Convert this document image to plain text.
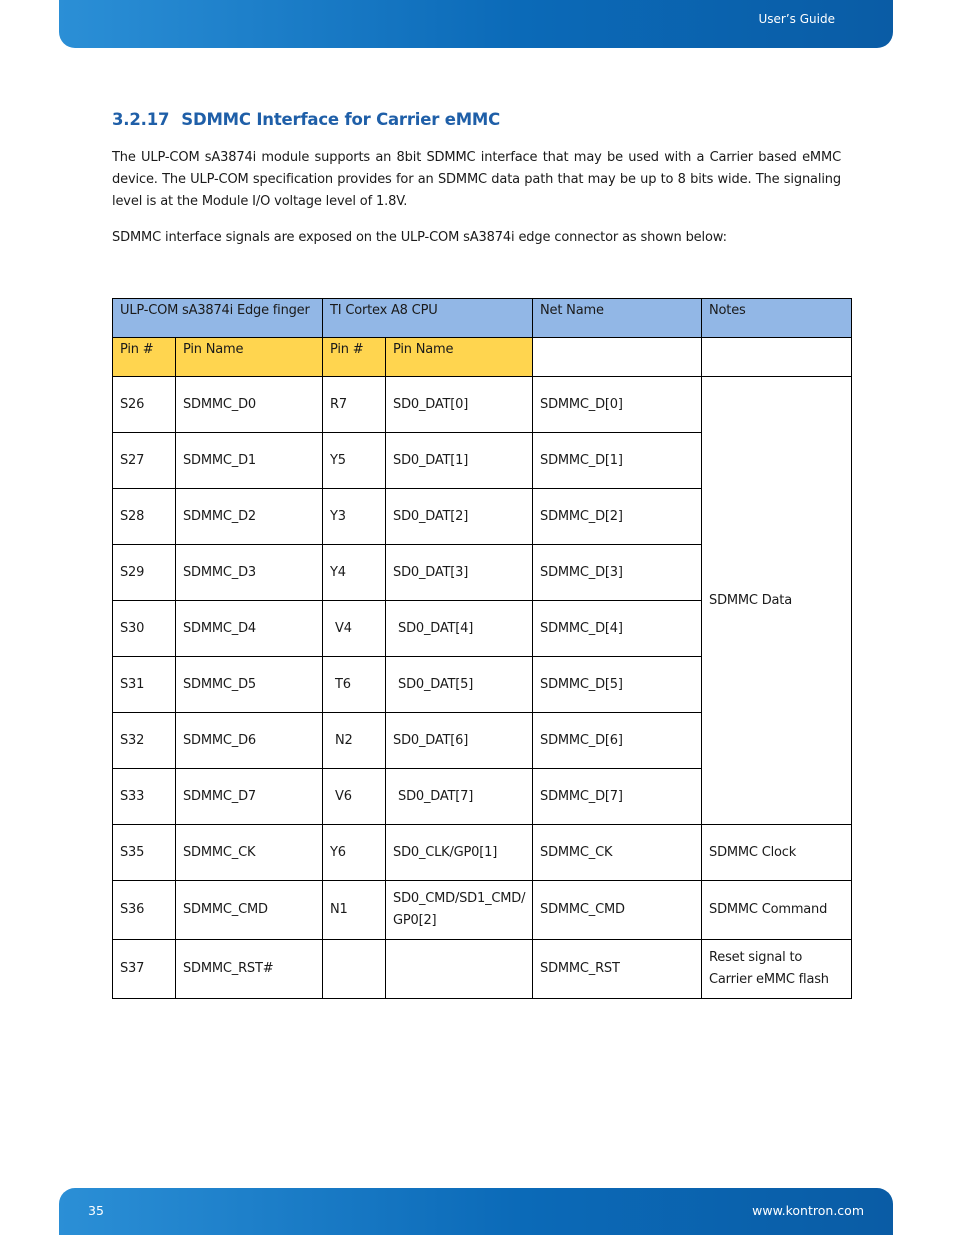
User’s Guide
3.2.17 SDMMC Interface for Carrier eMMC

The ULP-COM sA3874i module supports an 8bit SDMMC interface that may be used with a Carrier based eMMC device. The ULP-COM specification provides for an SDMMC data path that may be up to 8 bits wide. The signaling level is at the Module I/O voltage level of 1.8V.

SDMMC interface signals are exposed on the ULP-COM sA3874i edge connector as shown below:

ULP-COM sA3874i Edge finger		TI Cortex A8 CPU		Net Name	Notes
Pin #	Pin Name	Pin #	Pin Name		
S26	SDMMC_D0	R7	SD0_DAT[0]	SDMMC_D[0]	SDMMC Data
S27	SDMMC_D1	Y5	SD0_DAT[1]	SDMMC_D[1]	
S28	SDMMC_D2	Y3	SD0_DAT[2]	SDMMC_D[2]	
S29	SDMMC_D3	Y4	SD0_DAT[3]	SDMMC_D[3]	
S30	SDMMC_D4	V4	SD0_DAT[4]	SDMMC_D[4]	
S31	SDMMC_D5	T6	SD0_DAT[5]	SDMMC_D[5]	
S32	SDMMC_D6	N2	SD0_DAT[6]	SDMMC_D[6]	
S33	SDMMC_D7	V6	SD0_DAT[7]	SDMMC_D[7]	
S35	SDMMC_CK	Y6	SD0_CLK/GP0[1]	SDMMC_CK	SDMMC Clock
S36	SDMMC_CMD	N1	SD0_CMD/SD1_CMD/ GP0[2]	SDMMC_CMD	SDMMC Command
S37	SDMMC_RST#			SDMMC_RST	Reset signal to Carrier eMMC flash
35	www.kontron.com
